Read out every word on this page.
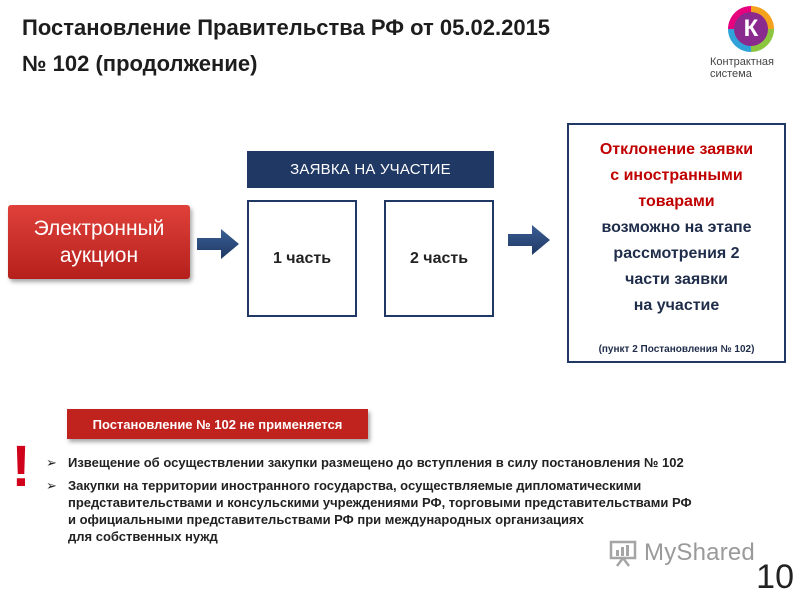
Постановление Правительства РФ от 05.02.2015
№ 102 (продолжение)
К
Контрактная
система
Электронный
аукцион
ЗАЯВКА НА УЧАСТИЕ
1 часть	2 часть
Отклонение заявки
с иностранными
товарами
возможно на этапе
рассмотрения 2
части заявки
на участие
(пункт 2 Постановления № 102)
Постановление № 102 не применяется
! ➢ Извещение об осуществлении закупки размещено до вступления в силу постановления № 102
➢ Закупки на территории иностранного государства, осуществляемые дипломатическими
представительствами и консульскими учреждениями РФ, торговыми представительствами РФ
и официальными представительствами РФ при международных организациях
для собственных нужд
MyShared
10
